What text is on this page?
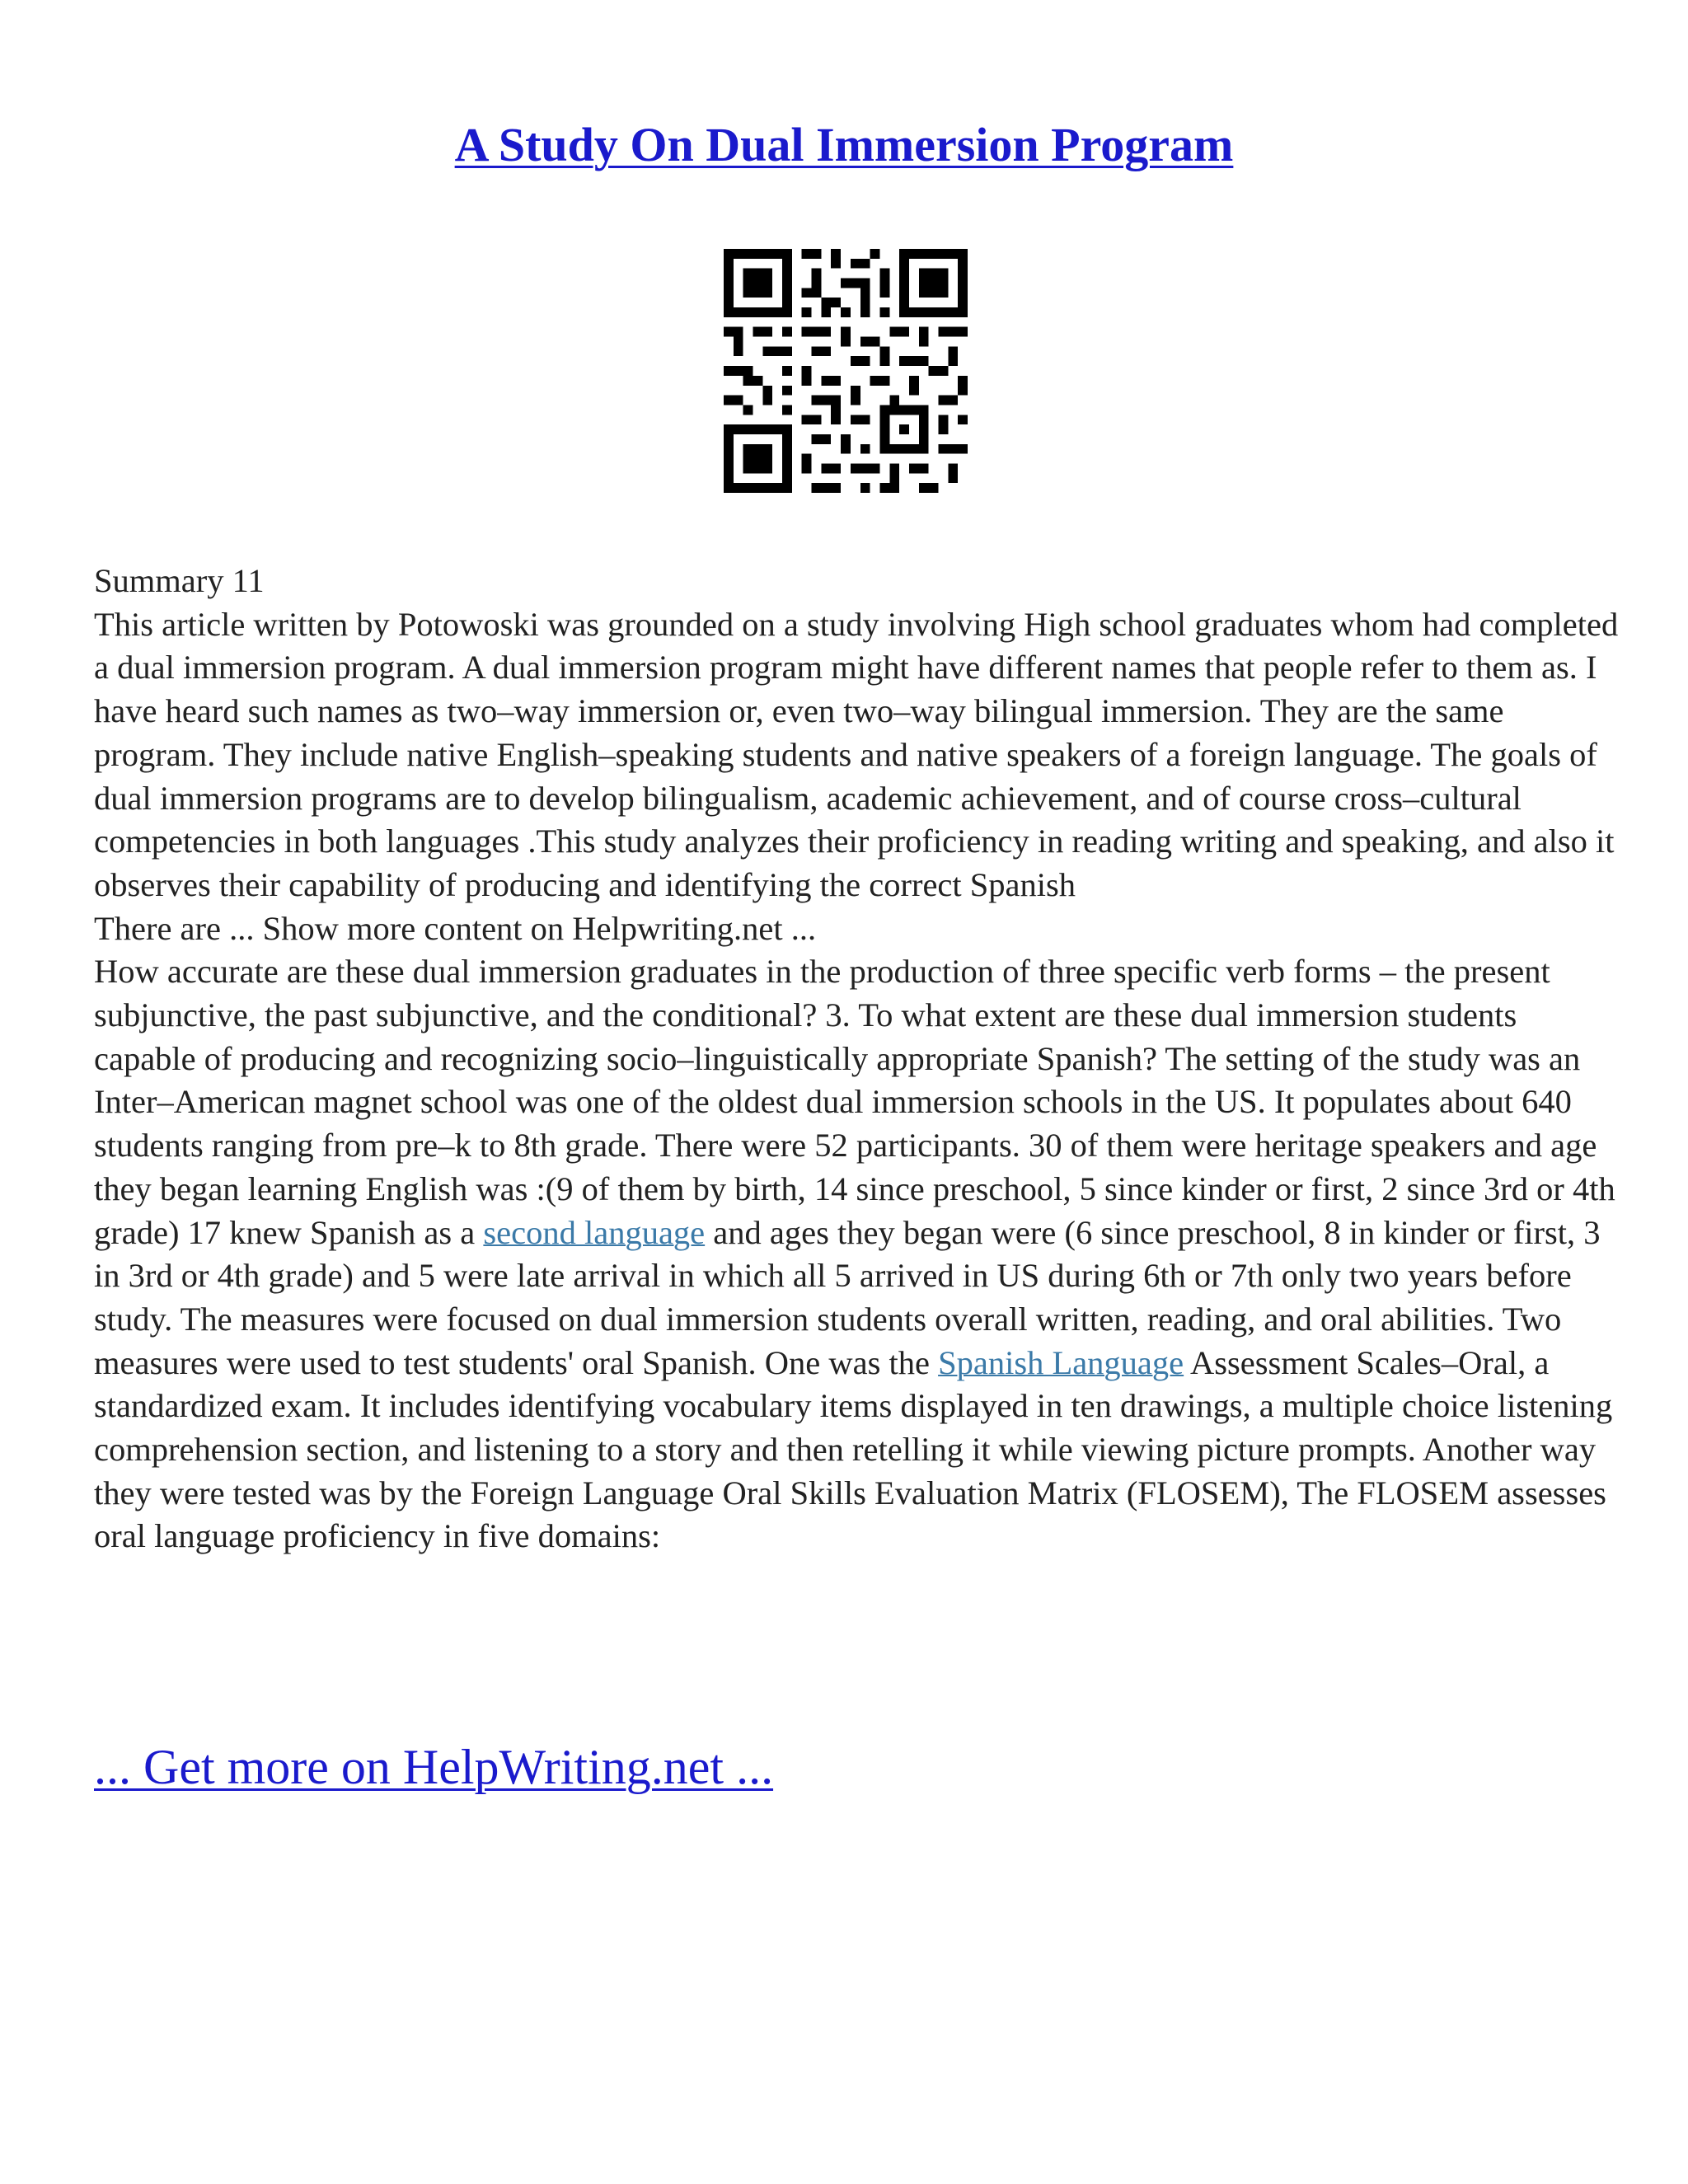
A Study On Dual Immersion Program

Summary 11

This article written by Potowoski was grounded on a study involving High school graduates whom had completed a dual immersion program. A dual immersion program might have different names that people refer to them as. I have heard such names as two–way immersion or, even two–way bilingual immersion. They are the same program. They include native English–speaking students and native speakers of a foreign language. The goals of dual immersion programs are to develop bilingualism, academic achievement, and of course cross–cultural competencies in both languages .This study analyzes their proficiency in reading writing and speaking, and also it observes their capability of producing and identifying the correct Spanish

There are ... Show more content on Helpwriting.net ...

How accurate are these dual immersion graduates in the production of three specific verb forms – the present subjunctive, the past subjunctive, and the conditional? 3. To what extent are these dual immersion students capable of producing and recognizing socio–linguistically appropriate Spanish? The setting of the study was an Inter–American magnet school was one of the oldest dual immersion schools in the US. It populates about 640 students ranging from pre–k to 8th grade. There were 52 participants. 30 of them were heritage speakers and age they began learning English was :(9 of them by birth, 14 since preschool, 5 since kinder or first, 2 since 3rd or 4th grade) 17 knew Spanish as a second language and ages they began were (6 since preschool, 8 in kinder or first, 3 in 3rd or 4th grade) and 5 were late arrival in which all 5 arrived in US during 6th or 7th only two years before study. The measures were focused on dual immersion students overall written, reading, and oral abilities. Two measures were used to test students' oral Spanish. One was the Spanish Language Assessment Scales–Oral, a standardized exam. It includes identifying vocabulary items displayed in ten drawings, a multiple choice listening comprehension section, and listening to a story and then retelling it while viewing picture prompts. Another way they were tested was by the Foreign Language Oral Skills Evaluation Matrix (FLOSEM), The FLOSEM assesses oral language proficiency in five domains:

... Get more on HelpWriting.net ...
